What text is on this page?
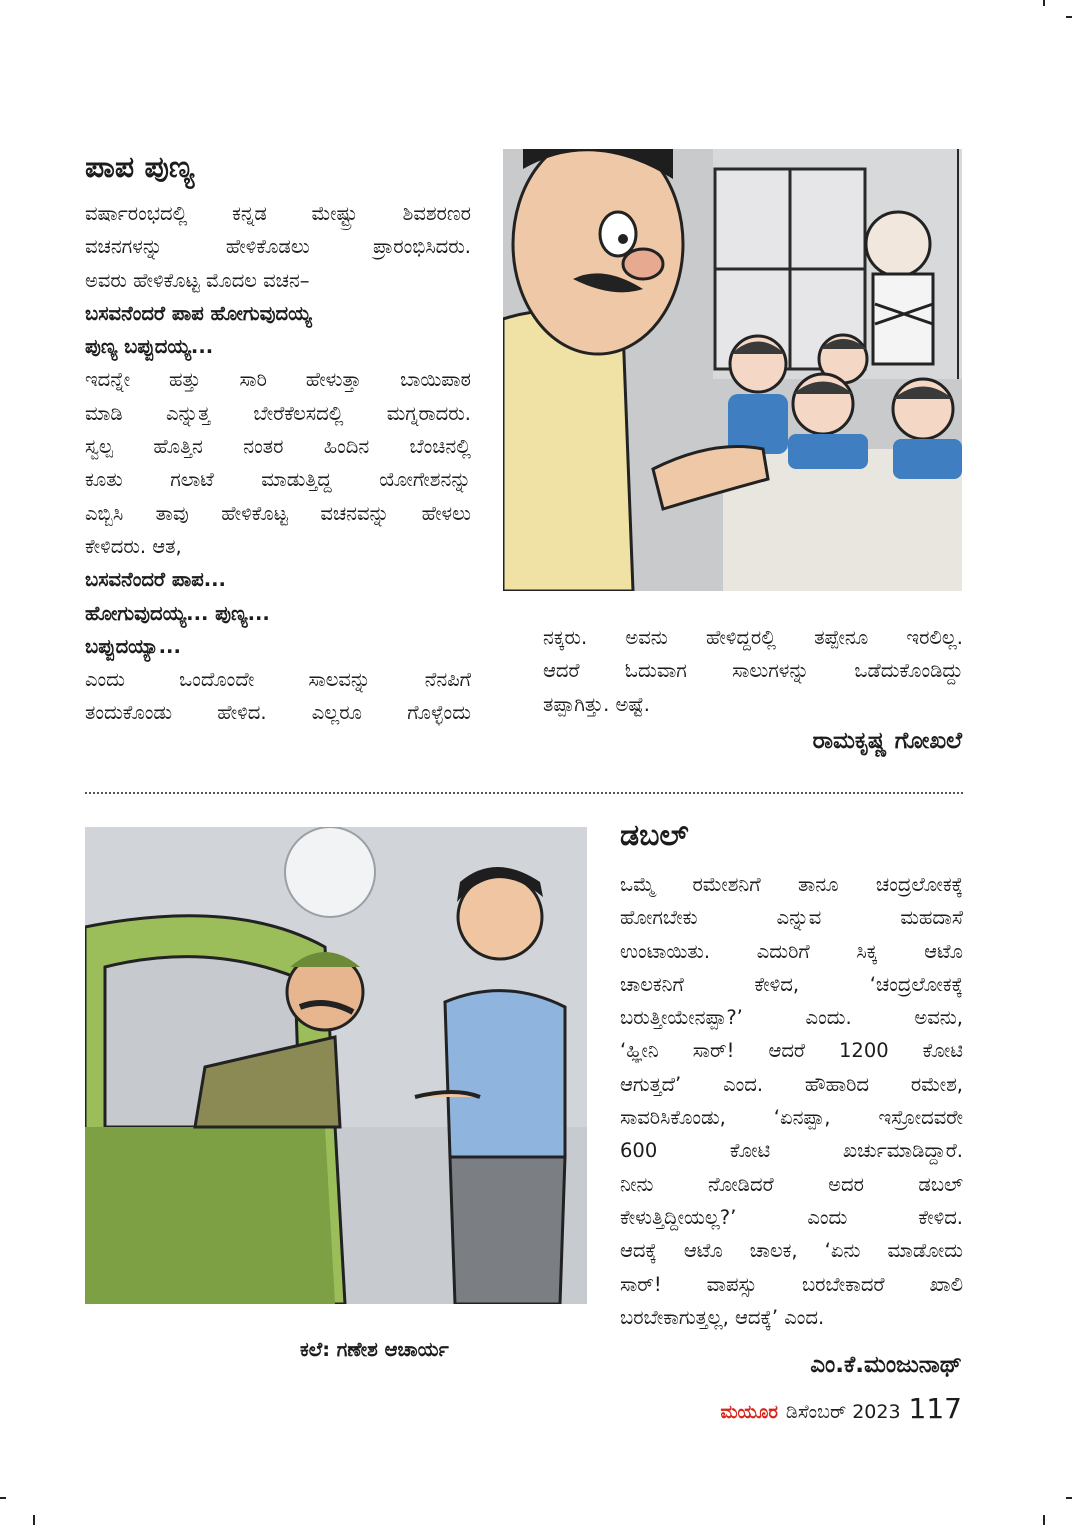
ಪಾಪ ಪುಣ್ಯ
ವರ್ಷಾರಂಭದಲ್ಲಿ ಕನ್ನಡ ಮೇಷ್ಟ್ರು ಶಿವಶರಣರ
ವಚನಗಳನ್ನು ಹೇಳಿಕೊಡಲು ಪ್ರಾರಂಭಿಸಿದರು.
ಅವರು ಹೇಳಿಕೊಟ್ಟ ಮೊದಲ ವಚನ–
ಬಸವನೆಂದರೆ ಪಾಪ ಹೋಗುವುದಯ್ಯ
ಪುಣ್ಯ ಬಪ್ಪುದಯ್ಯ...
ಇದನ್ನೇ ಹತ್ತು ಸಾರಿ ಹೇಳುತ್ತಾ ಬಾಯಿಪಾಠ
ಮಾಡಿ ಎನ್ನುತ್ತ ಬೇರೆಕೆಲಸದಲ್ಲಿ ಮಗ್ನರಾದರು.
ಸ್ವಲ್ಪ ಹೊತ್ತಿನ ನಂತರ ಹಿಂದಿನ ಬೆಂಚಿನಲ್ಲಿ
ಕೂತು ಗಲಾಟೆ ಮಾಡುತ್ತಿದ್ದ ಯೋಗೇಶನನ್ನು
ಎಬ್ಬಿಸಿ ತಾವು ಹೇಳಿಕೊಟ್ಟ ವಚನವನ್ನು ಹೇಳಲು
ಕೇಳಿದರು. ಆತ,
ಬಸವನೆಂದರೆ ಪಾಪ...
ಹೋಗುವುದಯ್ಯ... ಪುಣ್ಯ...
ಬಪ್ಪುದಯ್ಯಾ...
ಎಂದು ಒಂದೊಂದೇ ಸಾಲವನ್ನು ನೆನಪಿಗೆ
ತಂದುಕೊಂಡು ಹೇಳಿದ. ಎಲ್ಲರೂ ಗೊಳ್ಳೆಂದು
ನಕ್ಕರು. ಅವನು ಹೇಳಿದ್ದರಲ್ಲಿ ತಪ್ಪೇನೂ ಇರಲಿಲ್ಲ.
ಆದರೆ ಓದುವಾಗ ಸಾಲುಗಳನ್ನು ಒಡೆದುಕೊಂಡಿದ್ದು
ತಪ್ಪಾಗಿತ್ತು. ಅಷ್ಟೆ.
ರಾಮಕೃಷ್ಣ ಗೋಖಲೆ
ಕಲೆ: ಗಣೇಶ ಆಚಾರ್ಯ
ಡಬಲ್
ಒಮ್ಮೆ ರಮೇಶನಿಗೆ ತಾನೂ ಚಂದ್ರಲೋಕಕ್ಕೆ
ಹೋಗಬೇಕು ಎನ್ನುವ ಮಹದಾಸೆ
ಉಂಟಾಯಿತು. ಎದುರಿಗೆ ಸಿಕ್ಕ ಆಟೊ
ಚಾಲಕನಿಗೆ ಕೇಳಿದ, ‘ಚಂದ್ರಲೋಕಕ್ಕೆ
ಬರುತ್ತೀಯೇನಪ್ಪಾ?’ ಎಂದು. ಅವನು,
‘ಹ್ಞೀನಿ ಸಾರ್! ಆದರೆ 1200 ಕೋಟಿ
ಆಗುತ್ತದೆ’ ಎಂದ. ಹೌಹಾರಿದ ರಮೇಶ,
ಸಾವರಿಸಿಕೊಂಡು, ‘ಏನಪ್ಪಾ, ಇಸ್ರೋದವರೇ
600 ಕೋಟಿ ಖರ್ಚುಮಾಡಿದ್ದಾರೆ.
ನೀನು ನೋಡಿದರೆ ಅದರ ಡಬಲ್
ಕೇಳುತ್ತಿದ್ದೀಯಲ್ಲ?’ ಎಂದು ಕೇಳಿದ.
ಆದಕ್ಕೆ ಆಟೊ ಚಾಲಕ, ‘ಏನು ಮಾಡೋದು
ಸಾರ್! ವಾಪಸ್ಸು ಬರಬೇಕಾದರೆ ಖಾಲಿ
ಬರಬೇಕಾಗುತ್ತಲ್ಲ, ಆದಕ್ಕೆ’ ಎಂದ.
ಎಂ.ಕೆ.ಮಂಜುನಾಥ್
ಮಯೂರ ಡಿಸೆಂಬರ್ 2023 117
